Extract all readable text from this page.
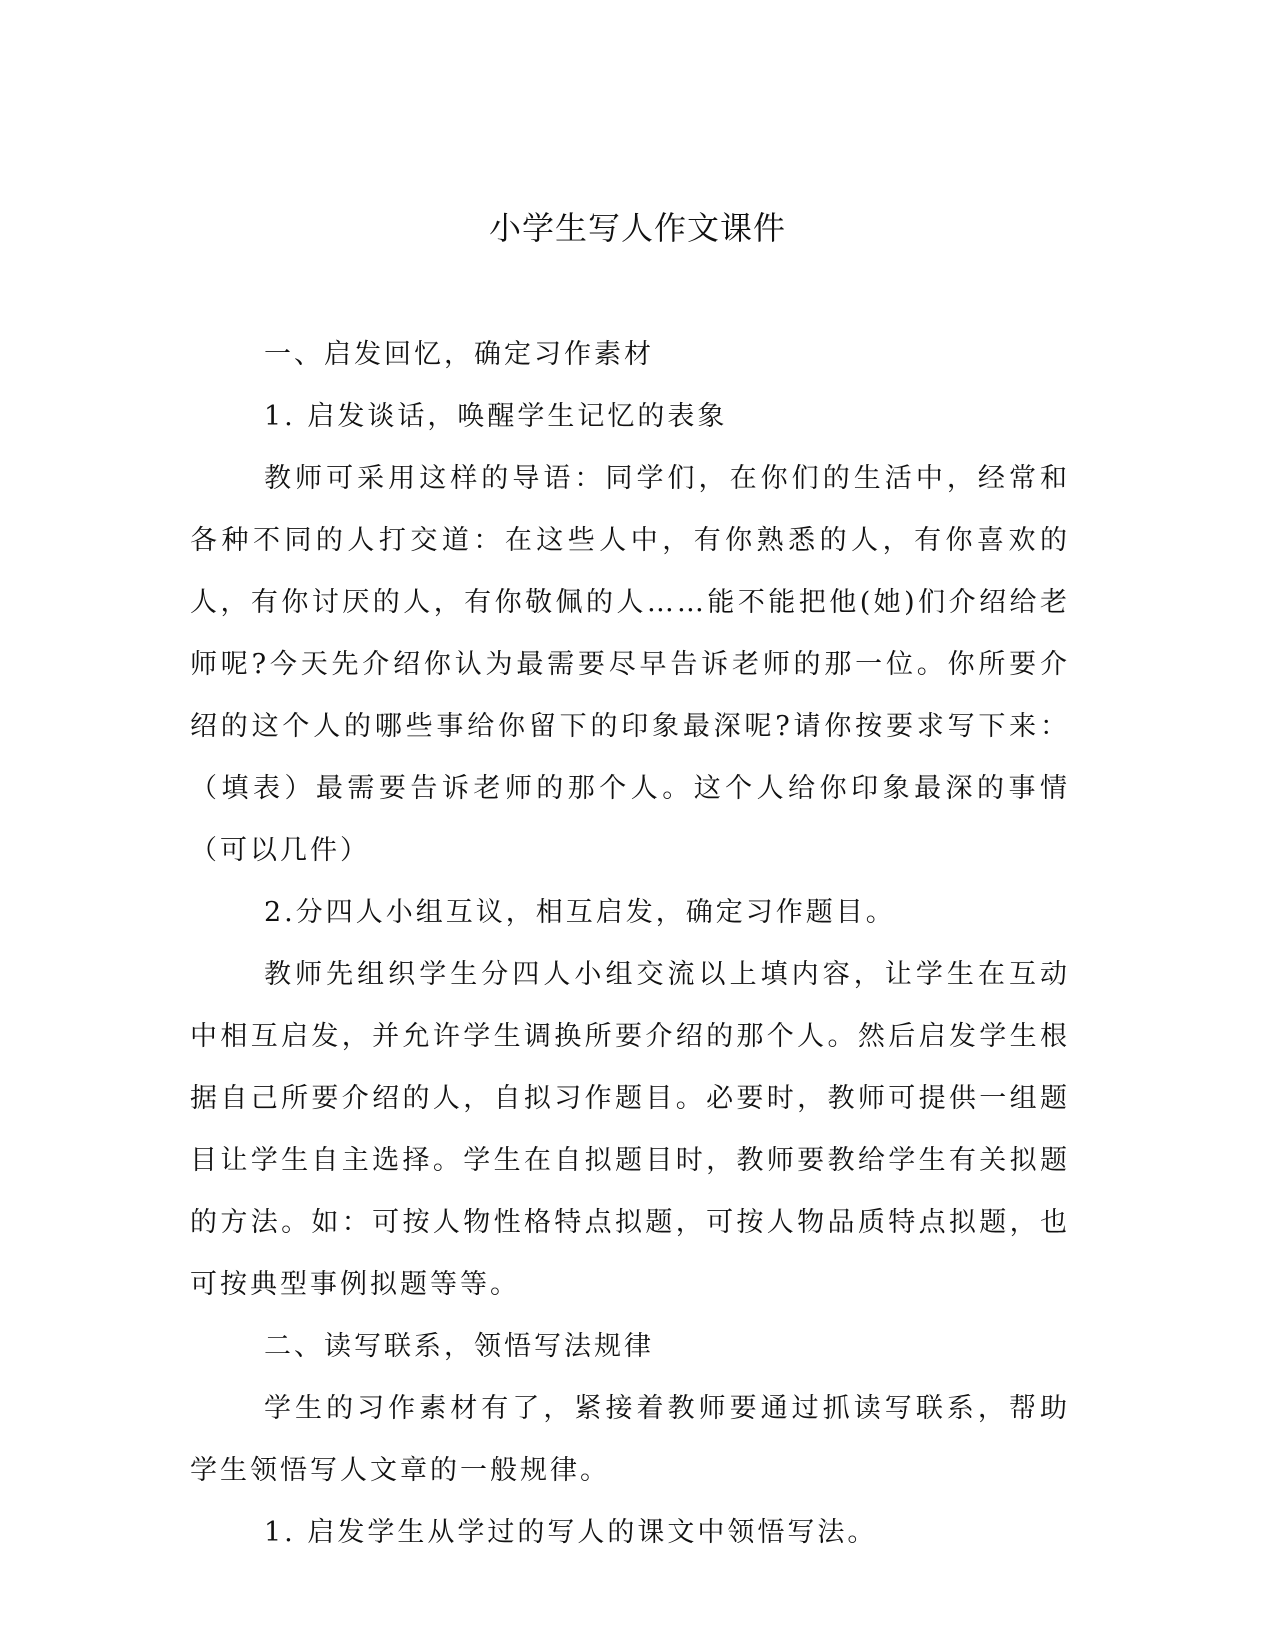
小学生写人作文课件

一、启发回忆，确定习作素材

1. 启发谈话，唤醒学生记忆的表象

教师可采用这样的导语：同学们，在你们的生活中，经常和各种不同的人打交道：在这些人中，有你熟悉的人，有你喜欢的人，有你讨厌的人，有你敬佩的人……能不能把他(她)们介绍给老师呢?今天先介绍你认为最需要尽早告诉老师的那一位。你所要介绍的这个人的哪些事给你留下的印象最深呢?请你按要求写下来：（填表）最需要告诉老师的那个人。这个人给你印象最深的事情（可以几件）

2.分四人小组互议，相互启发，确定习作题目。

教师先组织学生分四人小组交流以上填内容，让学生在互动中相互启发，并允许学生调换所要介绍的那个人。然后启发学生根据自己所要介绍的人，自拟习作题目。必要时，教师可提供一组题目让学生自主选择。学生在自拟题目时，教师要教给学生有关拟题的方法。如：可按人物性格特点拟题，可按人物品质特点拟题，也可按典型事例拟题等等。

二、读写联系，领悟写法规律

学生的习作素材有了，紧接着教师要通过抓读写联系，帮助学生领悟写人文章的一般规律。

1. 启发学生从学过的写人的课文中领悟写法。
